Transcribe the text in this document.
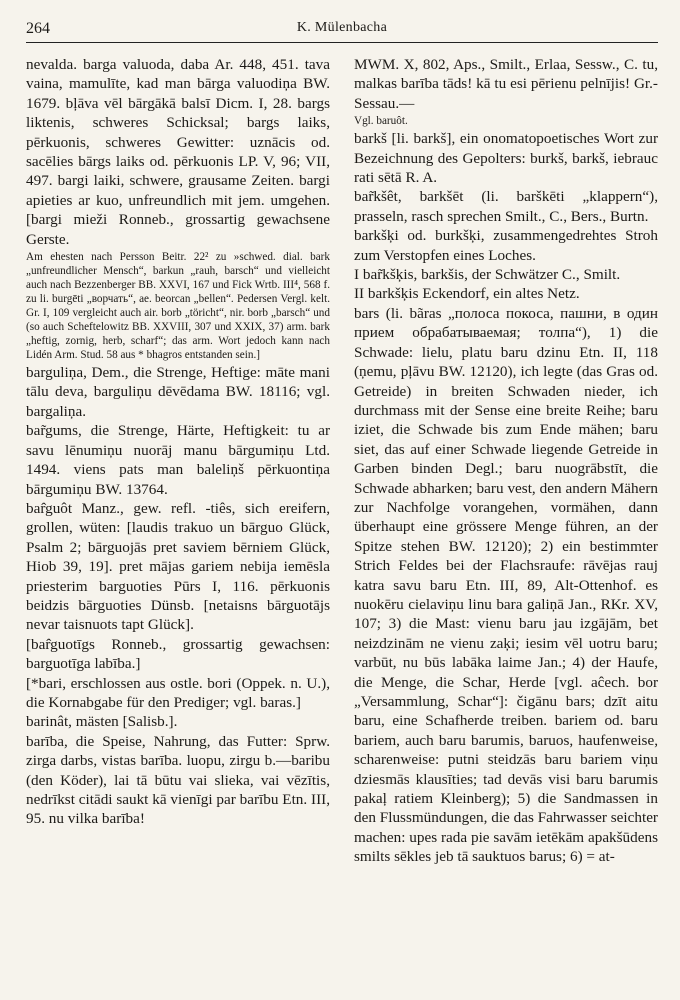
264	K. Mülenbacha

nevalda. barga valuoda, daba Ar. 448, 451. tava vaina, mamulīte, kad man bārga valuodiņa BW. 1679. bļāva vēl bārgākā balsī Dicm. I, 28. bargs liktenis, schweres Schicksal; bargs laiks, pērkuonis, schweres Gewitter: uznācis od. sacēlies bārgs laiks od. pērkuonis LP. V, 96; VII, 497. bargi laiki, schwere, grausame Zeiten. bargi apieties ar kuo, unfreundlich mit jem. umgehen. [bargi mieži Ronneb., grossartig gewachsene Gerste.

Am ehesten nach Persson Beitr. 22² zu »schwed. dial. bark „unfreundlicher Mensch“, barkun „rauh, barsch“ und vielleicht auch nach Bezzenberger BB. XXVI, 167 und Fick Wrtb. III⁴, 568 f. zu li. burgēti „ворчать“, ae. beorcan „bellen“. Pedersen Vergl. kelt. Gr. I, 109 vergleicht auch air. borb „töricht“, nir. borb „barsch“ und (so auch Scheftelowitz BB. XXVIII, 307 und XXIX, 37) arm. bark „heftig, zornig, herb, scharf“; das arm. Wort jedoch kann nach Lidén Arm. Stud. 58 aus * bhagros entstanden sein.]

barguliņa, Dem., die Strenge, Heftige: māte mani tālu deva, barguliņu dēvēdama BW. 18116; vgl. bargaliņa.

bar̃gums, die Strenge, Härte, Heftigkeit: tu ar savu lēnumiņu nuorāj manu bārgumiņu Ltd. 1494. viens pats man baleliņš pērkuontiņa bārgumiņu BW. 13764.

bar̂guôt Manz., gew. refl. -tiês, sich ereifern, grollen, wüten: [laudis trakuo un bārguo Glück, Psalm 2; bārguojās pret saviem bērniem Glück, Hiob 39, 19]. pret mājas gariem nebija iemēsla priesterim barguoties Pūrs I, 116. pērkuonis beidzis bārguoties Dünsb. [netaisns bārguotājs nevar taisnuots tapt Glück].

[bar̂guotīgs Ronneb., grossartig gewachsen: barguotīga labība.]

[*bari, erschlossen aus ostle. bori (Oppek. n. U.), die Kornabgabe für den Prediger; vgl. baras.]

barinât, mästen [Salisb.].

barība, die Speise, Nahrung, das Futter: Sprw. zirga darbs, vistas barība. luopu, zirgu b.—baribu (den Köder), lai tā būtu vai slieka, vai vēzītis, nedrīkst citādi saukt kā vienīgi par barību Etn. III, 95. nu vilka barība!

MWM. X, 802, Aps., Smilt., Erlaa, Sessw., C. tu, malkas barība tāds! kā tu esi pērienu pelnījis! Gr.-Sessau.—

Vgl. baruôt.

barkš [li. barkš], ein onomatopoetisches Wort zur Bezeichnung des Gepolters: burkš, barkš, iebrauc rati sētā R. A.

bar̃kšêt, barkšēt (li. barškēti „klappern“), prasseln, rasch sprechen Smilt., C., Bers., Burtn.

barkšķi od. burkšķi, zusammengedrehtes Stroh zum Verstopfen eines Loches.

I bar̃kšķis, barkšis, der Schwätzer C., Smilt.

II barkšķis Eckendorf, ein altes Netz.

bars (li. bãras „полоса покоса, пашни, в один прием обрабатываемая; толпа“), 1) die Schwade: lielu, platu baru dzinu Etn. II, 118 (ņemu, pļāvu BW. 12120), ich legte (das Gras od. Getreide) in breiten Schwaden nieder, ich durchmass mit der Sense eine breite Reihe; baru iziet, die Schwade bis zum Ende mähen; baru siet, das auf einer Schwade liegende Getreide in Garben binden Degl.; baru nuogrābstīt, die Schwade abharken; baru vest, den andern Mähern zur Nachfolge vorangehen, vormähen, dann überhaupt eine grössere Menge führen, an der Spitze stehen BW. 12120); 2) ein bestimmter Strich Feldes bei der Flachsraufe: rāvējas rauj katra savu baru Etn. III, 89, Alt-Ottenhof. es nuokēru cielaviņu linu bara galiņā Jan., RKr. XV, 107; 3) die Mast: vienu baru jau izgājām, bet neizdzinām ne vienu zaķi; iesim vēl uotru baru; varbūt, nu būs labāka laime Jan.; 4) der Haufe, die Menge, die Schar, Herde [vgl. aĉech. bor „Versammlung, Schar“]: čigānu bars; dzīt aitu baru, eine Schafherde treiben. bariem od. baru bariem, auch baru barumis, baruos, haufenweise, scharenweise: putni steidzās baru bariem viņu dziesmās klausīties; tad devās visi baru barumis pakaļ ratiem Kleinberg); 5) die Sandmassen in den Flussmündungen, die das Fahrwasser seichter machen: upes rada pie savām ietēkām apakšūdens smilts sēkles jeb tā sauktuos barus; 6) = at-
